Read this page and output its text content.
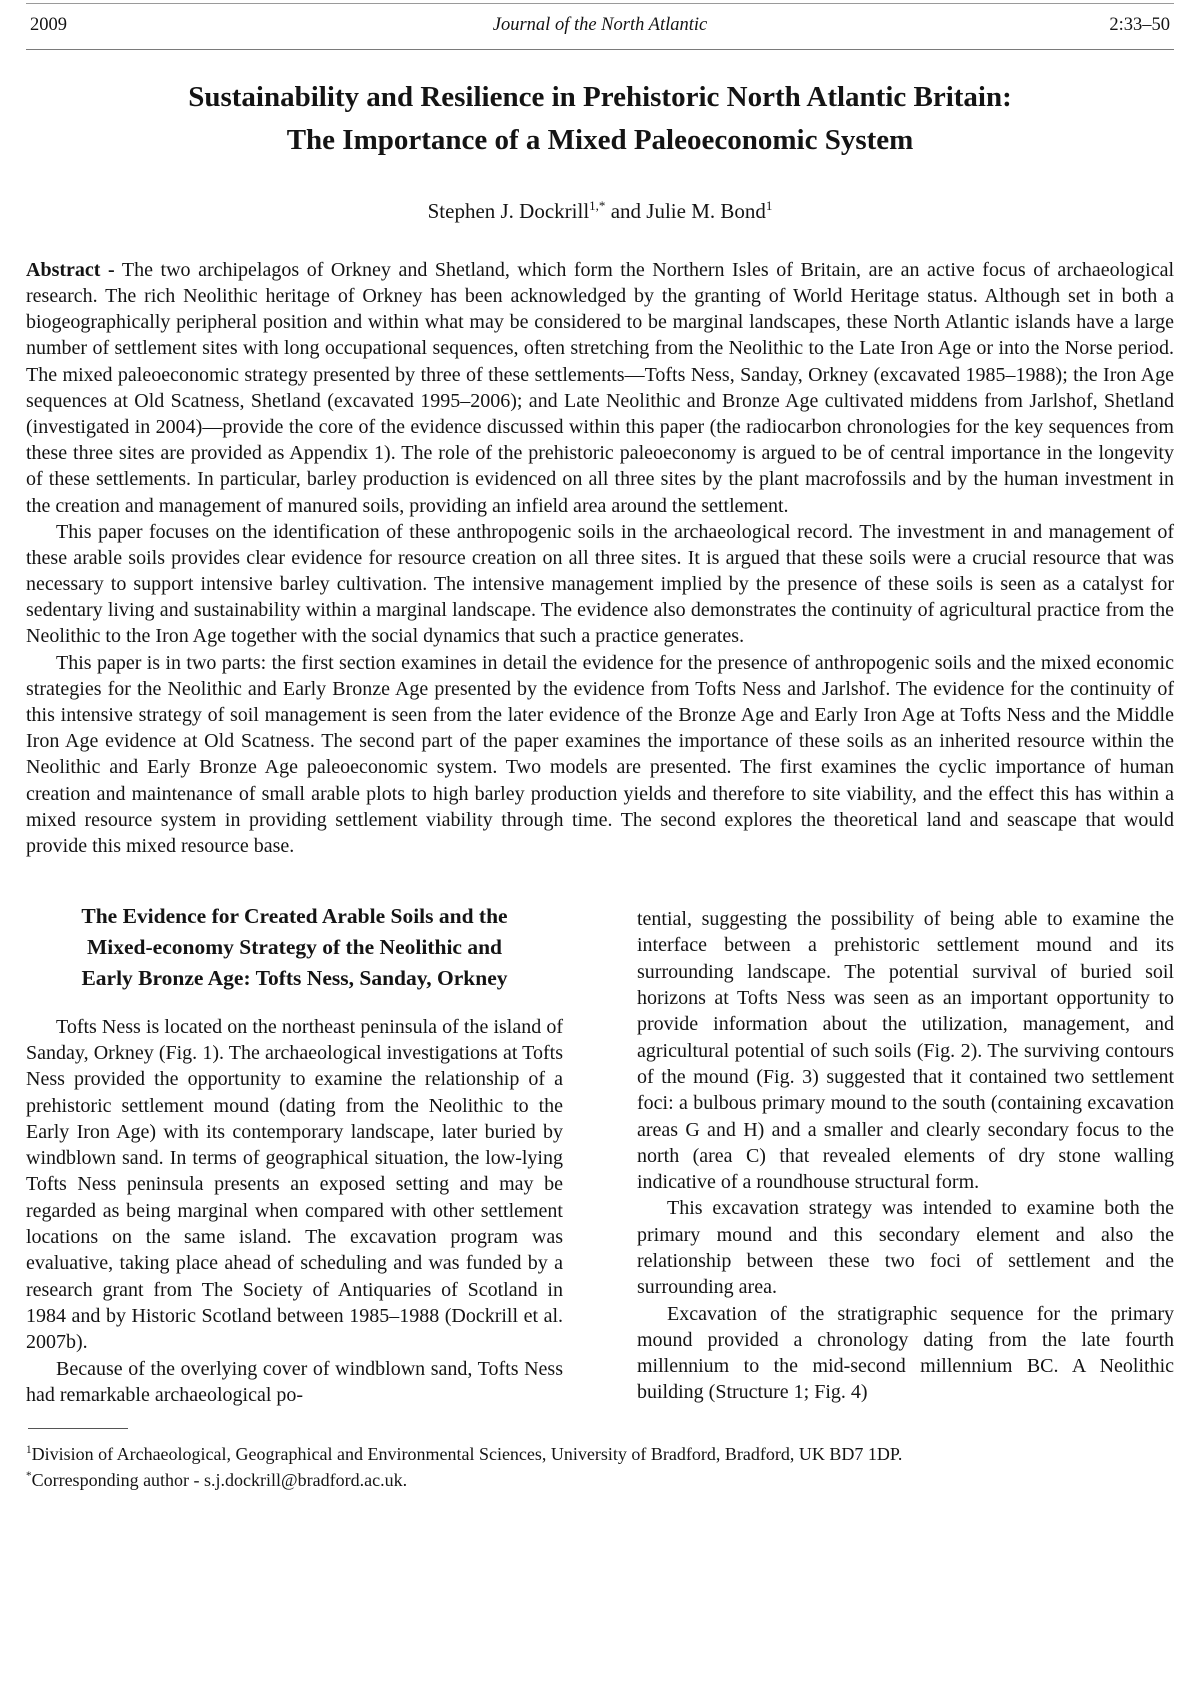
2009	Journal of the North Atlantic	2:33–50
Sustainability and Resilience in Prehistoric North Atlantic Britain:
The Importance of a Mixed Paleoeconomic System
Stephen J. Dockrill$^{1,*}$ and Julie M. Bond$^1$

Abstract - The two archipelagos of Orkney and Shetland, which form the Northern Isles of Britain, are an active focus of archaeological research. The rich Neolithic heritage of Orkney has been acknowledged by the granting of World Heritage status. Although set in both a biogeographically peripheral position and within what may be considered to be marginal landscapes, these North Atlantic islands have a large number of settlement sites with long occupational sequences, often stretching from the Neolithic to the Late Iron Age or into the Norse period. The mixed paleoeconomic strategy presented by three of these settlements—Tofts Ness, Sanday, Orkney (excavated 1985–1988); the Iron Age sequences at Old Scatness, Shetland (excavated 1995–2006); and Late Neolithic and Bronze Age cultivated middens from Jarlshof, Shetland (investigated in 2004)—provide the core of the evidence discussed within this paper (the radiocarbon chronologies for the key sequences from these three sites are provided as Appendix 1). The role of the prehistoric paleoeconomy is argued to be of central importance in the longevity of these settlements. In particular, barley production is evidenced on all three sites by the plant macrofossils and by the human investment in the creation and management of manured soils, providing an infield area around the settlement.

This paper focuses on the identification of these anthropogenic soils in the archaeological record. The investment in and management of these arable soils provides clear evidence for resource creation on all three sites. It is argued that these soils were a crucial resource that was necessary to support intensive barley cultivation. The intensive management implied by the presence of these soils is seen as a catalyst for sedentary living and sustainability within a marginal landscape. The evidence also demonstrates the continuity of agricultural practice from the Neolithic to the Iron Age together with the social dynamics that such a practice generates.

This paper is in two parts: the first section examines in detail the evidence for the presence of anthropogenic soils and the mixed economic strategies for the Neolithic and Early Bronze Age presented by the evidence from Tofts Ness and Jarlshof. The evidence for the continuity of this intensive strategy of soil management is seen from the later evidence of the Bronze Age and Early Iron Age at Tofts Ness and the Middle Iron Age evidence at Old Scatness. The second part of the paper examines the importance of these soils as an inherited resource within the Neolithic and Early Bronze Age paleoeconomic system. Two models are presented. The first examines the cyclic importance of human creation and maintenance of small arable plots to high barley production yields and therefore to site viability, and the effect this has within a mixed resource system in providing settlement viability through time. The second explores the theoretical land and seascape that would provide this mixed resource base.

The Evidence for Created Arable Soils and the
Mixed-economy Strategy of the Neolithic and
Early Bronze Age: Tofts Ness, Sanday, Orkney

Tofts Ness is located on the northeast peninsula of the island of Sanday, Orkney (Fig. 1). The archaeological investigations at Tofts Ness provided the opportunity to examine the relationship of a prehistoric settlement mound (dating from the Neolithic to the Early Iron Age) with its contemporary landscape, later buried by windblown sand. In terms of geographical situation, the low-lying Tofts Ness peninsula presents an exposed setting and may be regarded as being marginal when compared with other settlement locations on the same island. The excavation program was evaluative, taking place ahead of scheduling and was funded by a research grant from The Society of Antiquaries of Scotland in 1984 and by Historic Scotland between 1985–1988 (Dockrill et al. 2007b).

Because of the overlying cover of windblown sand, Tofts Ness had remarkable archaeological po-

tential, suggesting the possibility of being able to examine the interface between a prehistoric settlement mound and its surrounding landscape. The potential survival of buried soil horizons at Tofts Ness was seen as an important opportunity to provide information about the utilization, management, and agricultural potential of such soils (Fig. 2). The surviving contours of the mound (Fig. 3) suggested that it contained two settlement foci: a bulbous primary mound to the south (containing excavation areas G and H) and a smaller and clearly secondary focus to the north (area C) that revealed elements of dry stone walling indicative of a roundhouse structural form.

This excavation strategy was intended to examine both the primary mound and this secondary element and also the relationship between these two foci of settlement and the surrounding area.

Excavation of the stratigraphic sequence for the primary mound provided a chronology dating from the late fourth millennium to the mid-second millennium BC. A Neolithic building (Structure 1; Fig. 4)

$^1$Division of Archaeological, Geographical and Environmental Sciences, University of Bradford, Bradford, UK BD7 1DP.
*Corresponding author - s.j.dockrill@bradford.ac.uk.
